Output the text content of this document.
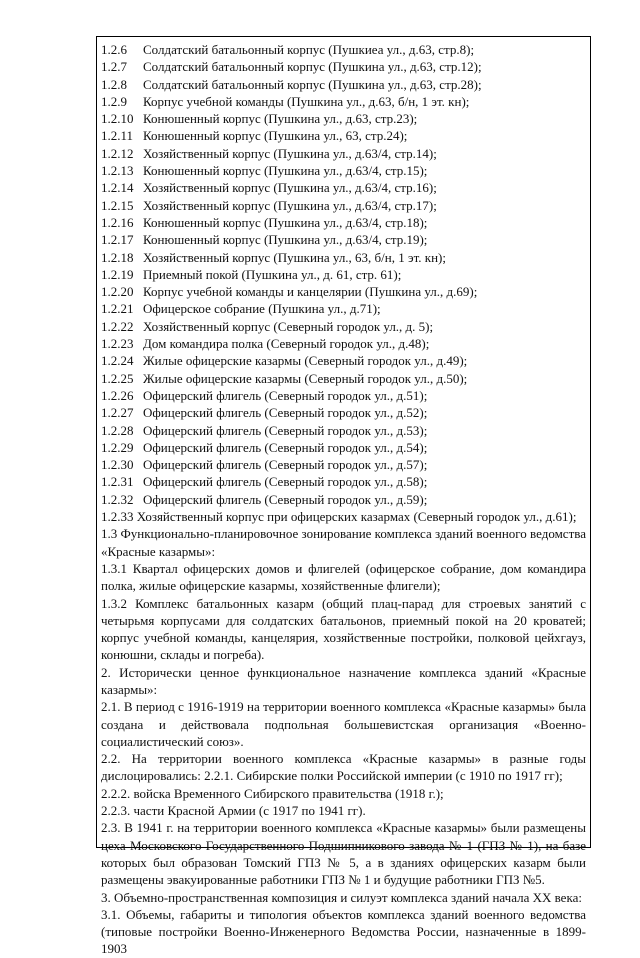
1.2.6	Солдатский батальонный корпус (Пушкиеа ул., д.63, стр.8);
1.2.7	Солдатский батальонный корпус (Пушкина ул., д.63, стр.12);
1.2.8	Солдатский батальонный корпус (Пушкина ул., д.63, стр.28);
1.2.9	Корпус учебной команды (Пушкина ул., д.63, б/н, 1 эт. кн);
1.2.10 Конюшенный корпус (Пушкина ул., д.63, стр.23);
1.2.11 Конюшенный корпус (Пушкина ул., 63, стр.24);
1.2.12 Хозяйственный корпус (Пушкина ул., д.63/4, стр.14);
1.2.13 Конюшенный корпус (Пушкина ул., д.63/4, стр.15);
1.2.14 Хозяйственный корпус (Пушкина ул., д.63/4, стр.16);
1.2.15 Хозяйственный корпус (Пушкина ул., д.63/4, стр.17);
1.2.16 Конюшенный корпус (Пушкина ул., д.63/4, стр.18);
1.2.17 Конюшенный корпус (Пушкина ул., д.63/4, стр.19);
1.2.18 Хозяйственный корпус (Пушкина ул., 63, б/н, 1 эт. кн);
1.2.19 Приемный покой (Пушкина ул., д. 61, стр. 61);
1.2.20 Корпус учебной команды и канцелярии (Пушкина ул., д.69);
1.2.21 Офицерское собрание (Пушкина ул., д.71);
1.2.22 Хозяйственный корпус (Северный городок ул., д. 5);
1.2.23 Дом командира полка (Северный городок ул., д.48);
1.2.24 Жилые офицерские казармы (Северный городок ул., д.49);
1.2.25 Жилые офицерские казармы (Северный городок ул., д.50);
1.2.26 Офицерский флигель (Северный городок ул., д.51);
1.2.27 Офицерский флигель (Северный городок ул., д.52);
1.2.28 Офицерский флигель (Северный городок ул., д.53);
1.2.29 Офицерский флигель (Северный городок ул., д.54);
1.2.30 Офицерский флигель (Северный городок ул., д.57);
1.2.31 Офицерский флигель (Северный городок ул., д.58);
1.2.32 Офицерский флигель (Северный городок ул., д.59);
1.2.33 Хозяйственный корпус при офицерских казармах (Северный городок ул., д.61);
1.3 Функционально-планировочное зонирование комплекса зданий военного ведомства «Красные казармы»:
1.3.1 Квартал офицерских домов и флигелей (офицерское собрание, дом командира полка, жилые офицерские казармы, хозяйственные флигели);
1.3.2 Комплекс батальонных казарм (общий плац-парад для строевых занятий с четырьмя корпусами для солдатских батальонов, приемный покой на 20 кроватей; корпус учебной команды, канцелярия, хозяйственные постройки, полковой цейхгауз, конюшни, склады и погреба).
2. Исторически ценное функциональное назначение комплекса зданий «Красные казармы»:
2.1. В период с 1916-1919 на территории военного комплекса «Красные казармы» была создана и действовала подпольная большевистская организация «Военно-социалистический союз».
2.2. На территории военного комплекса «Красные казармы» в разные годы дислоцировались: 2.2.1. Сибирские полки Российской империи (с 1910 по 1917 гг);
2.2.2. войска Временного Сибирского правительства (1918 г.);
2.2.3. части Красной Армии (с 1917 по 1941 гг).
2.3. В 1941 г. на территории военного комплекса «Красные казармы» были размещены цеха Московского Государственного Подшипникового завода № 1 (ГПЗ № 1), на базе которых был образован Томский ГПЗ № 5, а в зданиях офицерских казарм были размещены эвакуированные работники ГПЗ № 1 и будущие работники ГПЗ №5.
3. Объемно-пространственная композиция и силуэт комплекса зданий начала XX века:
3.1. Объемы, габариты и типология объектов комплекса зданий военного ведомства (типовые постройки Военно-Инженерного Ведомства России, назначенные в 1899-1903
